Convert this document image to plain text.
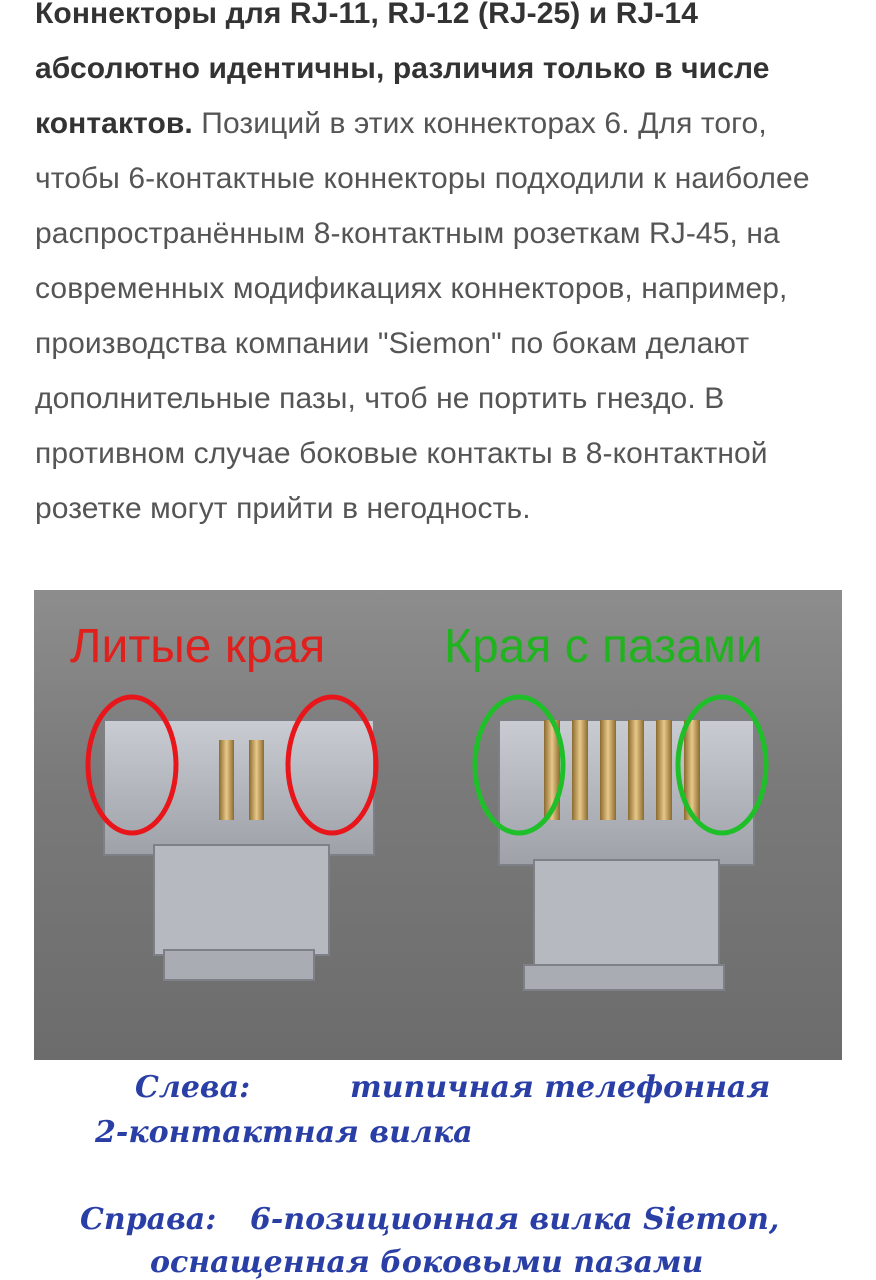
Коннекторы для RJ-11, RJ-12 (RJ-25) и RJ-14 абсолютно идентичны, различия только в числе контактов. Позиций в этих коннекторах 6. Для того, чтобы 6-контактные коннекторы подходили к наиболее распространённым 8-контактным розеткам RJ-45, на современных модификациях коннекторов, например, производства компании "Siemon" по бокам делают дополнительные пазы, чтоб не портить гнездо. В противном случае боковые контакты в 8-контактной розетке могут прийти в негодность.
Литые края Края с пазами
Слева:	типичная телефонная
2-контактная вилка
Справа: 6-позиционная вилка Siemon,
оснащенная боковыми пазами
